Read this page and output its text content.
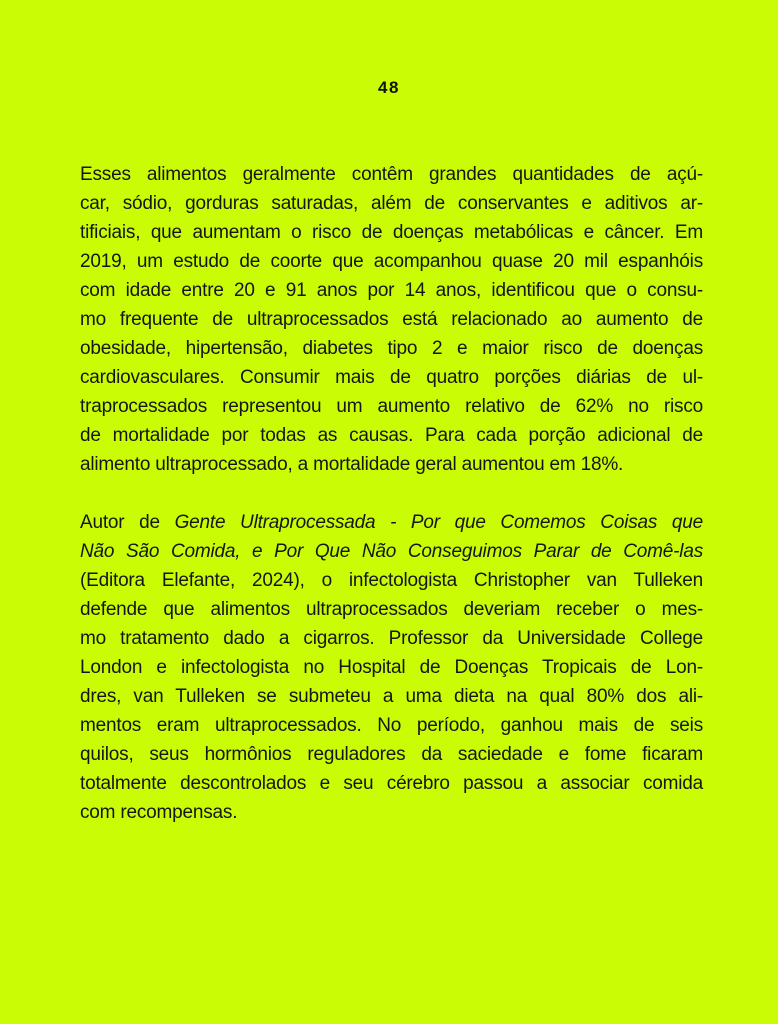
48
Esses alimentos geralmente contêm grandes quantidades de açú-
car, sódio, gorduras saturadas, além de conservantes e aditivos ar-
tificiais, que aumentam o risco de doenças metabólicas e câncer. Em
2019, um estudo de coorte que acompanhou quase 20 mil espanhóis
com idade entre 20 e 91 anos por 14 anos, identificou que o consu-
mo frequente de ultraprocessados está relacionado ao aumento de
obesidade, hipertensão, diabetes tipo 2 e maior risco de doenças
cardiovasculares. Consumir mais de quatro porções diárias de ul-
traprocessados representou um aumento relativo de 62% no risco
de mortalidade por todas as causas. Para cada porção adicional de
alimento ultraprocessado, a mortalidade geral aumentou em 18%.
Autor de Gente Ultraprocessada - Por que Comemos Coisas que
Não São Comida, e Por Que Não Conseguimos Parar de Comê-las
(Editora Elefante, 2024), o infectologista Christopher van Tulleken
defende que alimentos ultraprocessados deveriam receber o mes-
mo tratamento dado a cigarros. Professor da Universidade College
London e infectologista no Hospital de Doenças Tropicais de Lon-
dres, van Tulleken se submeteu a uma dieta na qual 80% dos ali-
mentos eram ultraprocessados. No período, ganhou mais de seis
quilos, seus hormônios reguladores da saciedade e fome ficaram
totalmente descontrolados e seu cérebro passou a associar comida
com recompensas.
